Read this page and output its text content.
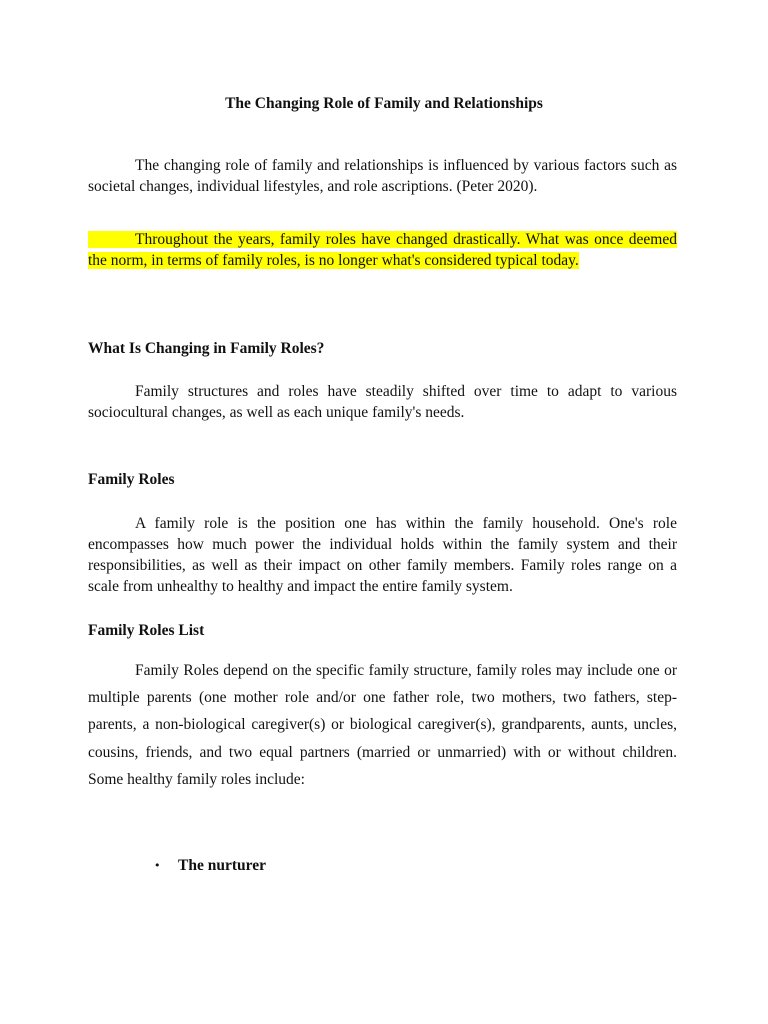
The Changing Role of Family and Relationships

The changing role of family and relationships is influenced by various factors such as societal changes, individual lifestyles, and role ascriptions. (Peter 2020).

Throughout the years, family roles have changed drastically. What was once deemed the norm, in terms of family roles, is no longer what's considered typical today.

What Is Changing in Family Roles?

Family structures and roles have steadily shifted over time to adapt to various sociocultural changes, as well as each unique family's needs.

Family Roles

A family role is the position one has within the family household. One's role encompasses how much power the individual holds within the family system and their responsibilities, as well as their impact on other family members. Family roles range on a scale from unhealthy to healthy and impact the entire family system.

Family Roles List

Family Roles depend on the specific family structure, family roles may include one or multiple parents (one mother role and/or one father role, two mothers, two fathers, step-parents, a non-biological caregiver(s) or biological caregiver(s), grandparents, aunts, uncles, cousins, friends, and two equal partners (married or unmarried) with or without children. Some healthy family roles include:

• The nurturer
